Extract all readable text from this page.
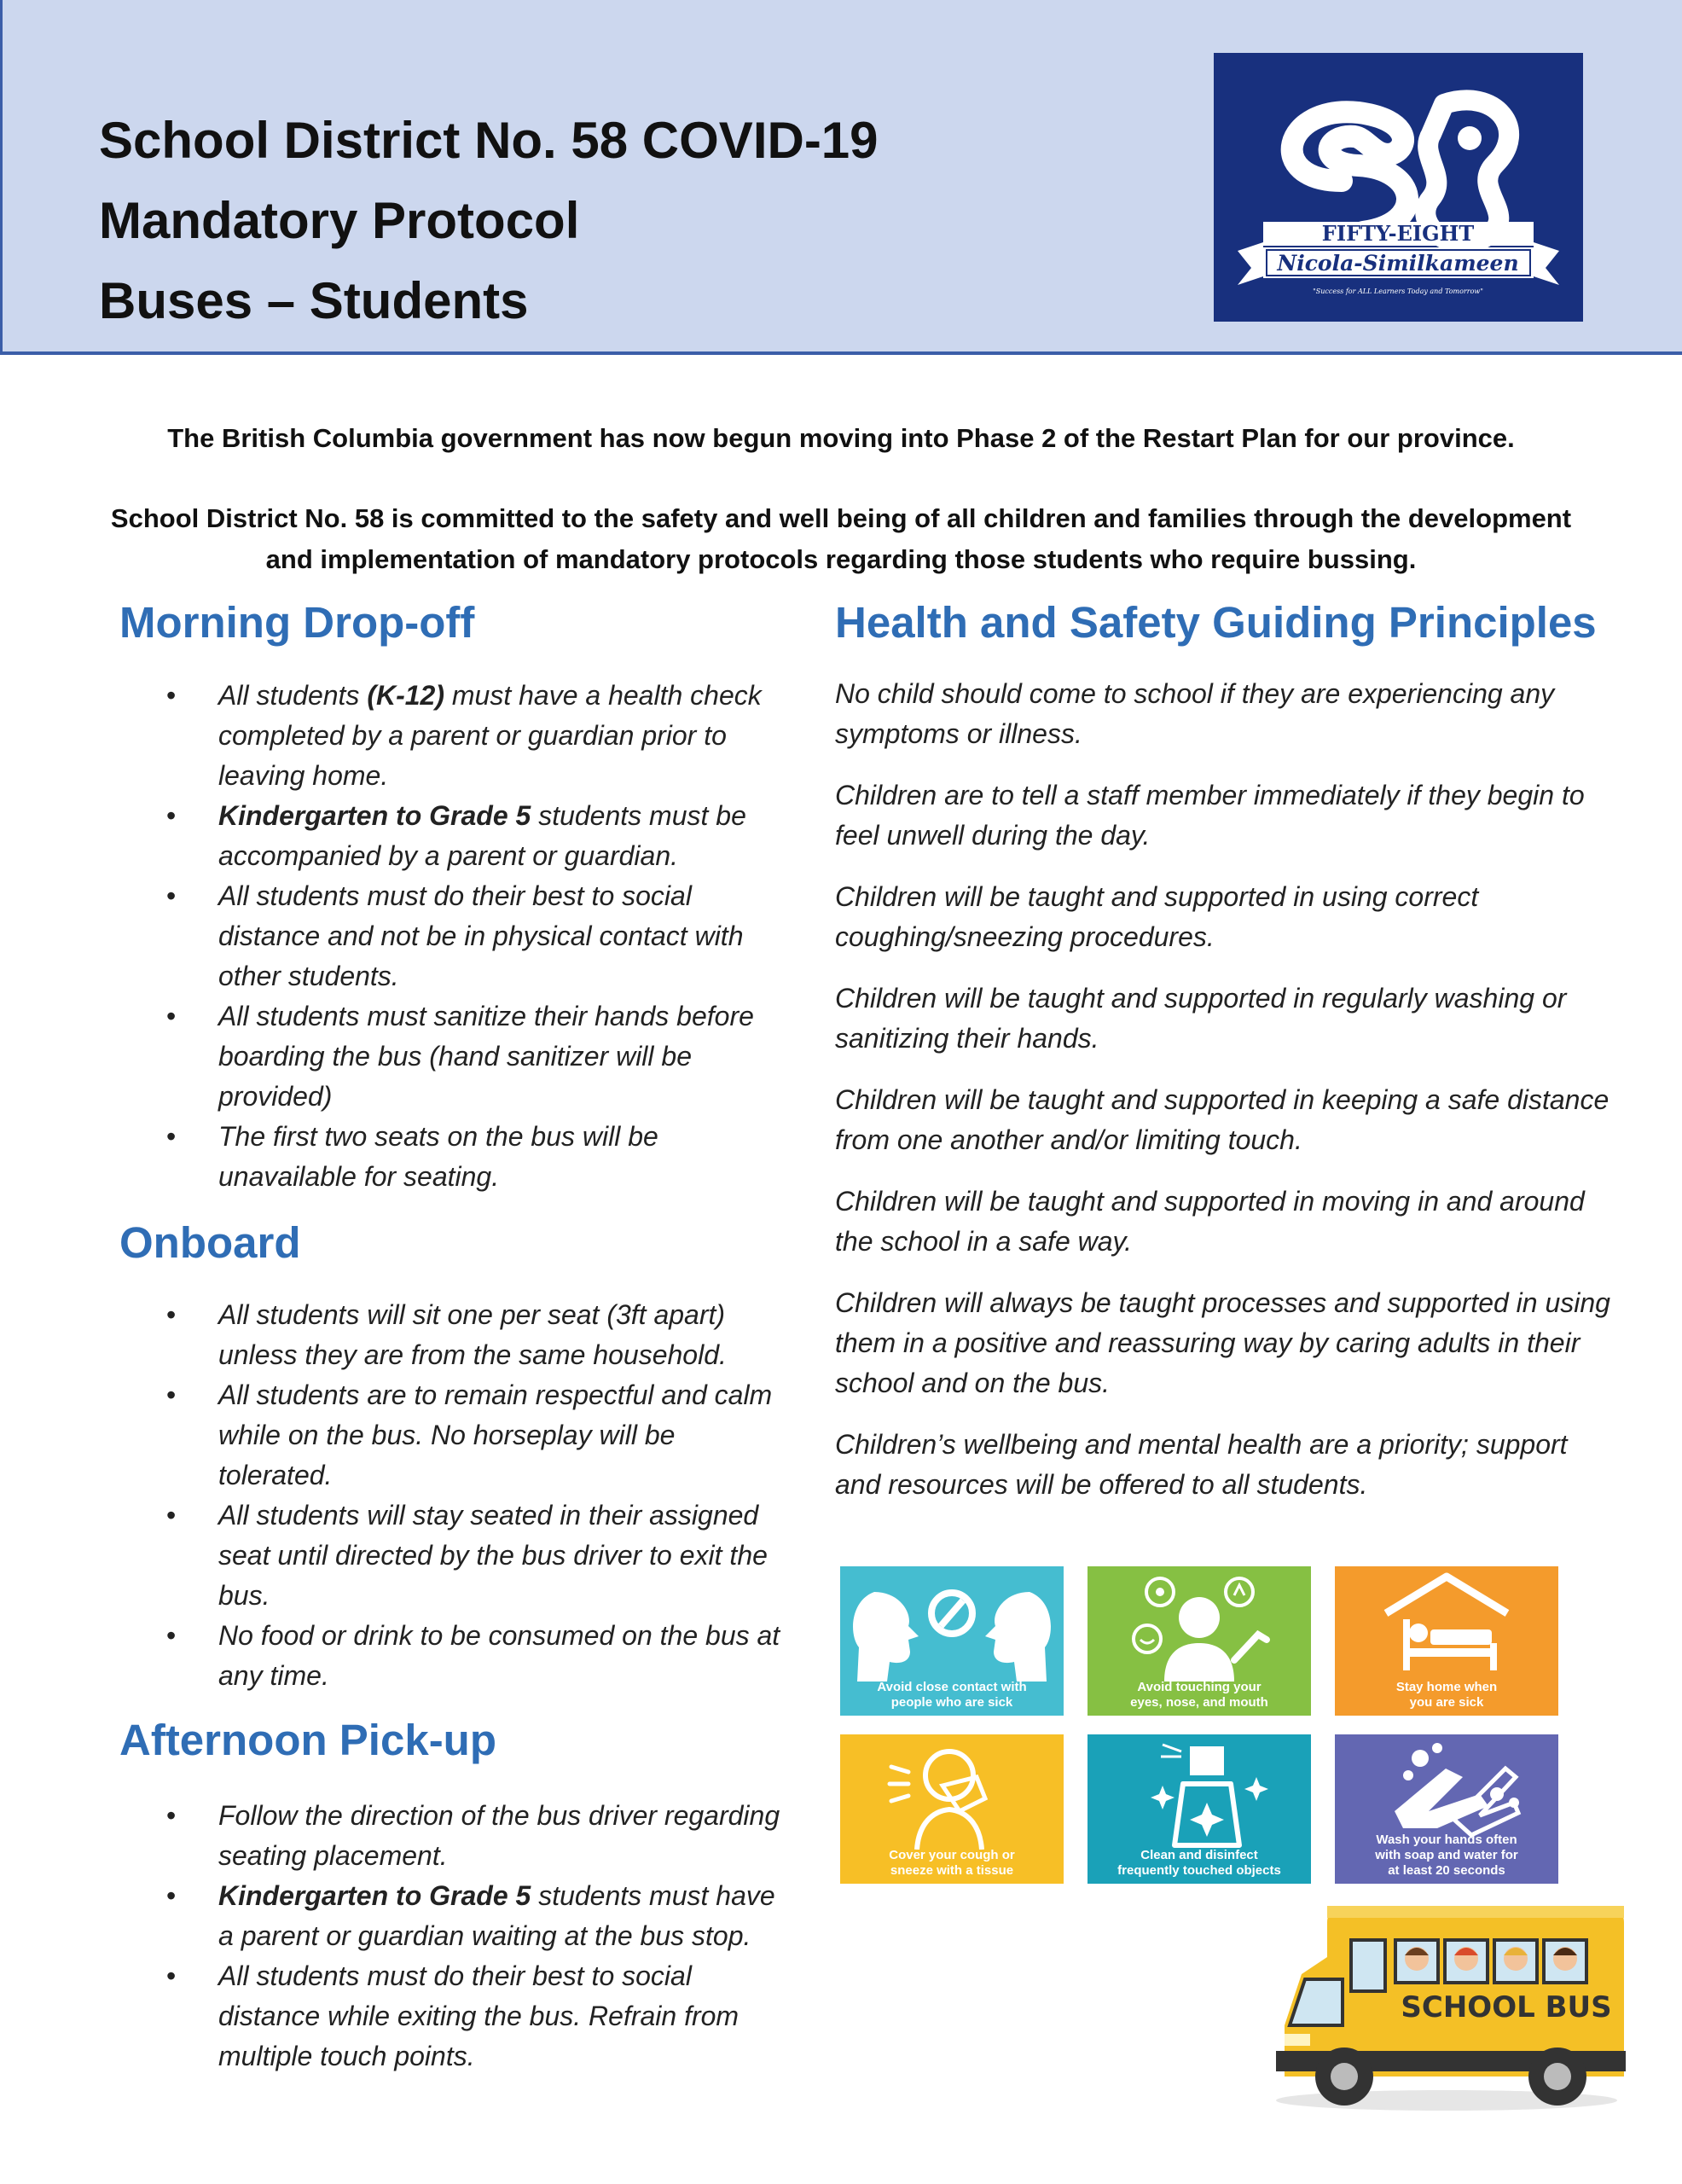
School District No. 58 COVID-19
Mandatory Protocol
Buses – Students
FIFTY-EIGHT
Nicola-Similkameen
"Success for ALL Learners Today and Tomorrow"

The British Columbia government has now begun moving into Phase 2 of the Restart Plan for our province.

School District No. 58 is committed to the safety and well being of all children and families through the development
and implementation of mandatory protocols regarding those students who require bussing.

Morning Drop-off
• All students (K-12) must have a health check completed by a parent or guardian prior to leaving home.
• Kindergarten to Grade 5 students must be accompanied by a parent or guardian.
• All students must do their best to social distance and not be in physical contact with other students.
• All students must sanitize their hands before boarding the bus (hand sanitizer will be provided)
• The first two seats on the bus will be unavailable for seating.
Onboard
• All students will sit one per seat (3ft apart) unless they are from the same household.
• All students are to remain respectful and calm while on the bus. No horseplay will be tolerated.
• All students will stay seated in their assigned seat until directed by the bus driver to exit the bus.
• No food or drink to be consumed on the bus at any time.
Afternoon Pick-up
• Follow the direction of the bus driver regarding seating placement.
• Kindergarten to Grade 5 students must have a parent or guardian waiting at the bus stop.
• All students must do their best to social distance while exiting the bus. Refrain from multiple touch points.
Health and Safety Guiding Principles
No child should come to school if they are experiencing any symptoms or illness.
Children are to tell a staff member immediately if they begin to feel unwell during the day.
Children will be taught and supported in using correct coughing/sneezing procedures.
Children will be taught and supported in regularly washing or sanitizing their hands.
Children will be taught and supported in keeping a safe distance from one another and/or limiting touch.
Children will be taught and supported in moving in and around the school in a safe way.
Children will always be taught processes and supported in using them in a positive and reassuring way by caring adults in their school and on the bus.
Children’s wellbeing and mental health are a priority; support and resources will be offered to all students.
Avoid close contact with
people who are sick
Avoid touching your
eyes, nose, and mouth
Stay home when
you are sick
Cover your cough or
sneeze with a tissue
Clean and disinfect
frequently touched objects
Wash your hands often
with soap and water for
at least 20 seconds
SCHOOL BUS
